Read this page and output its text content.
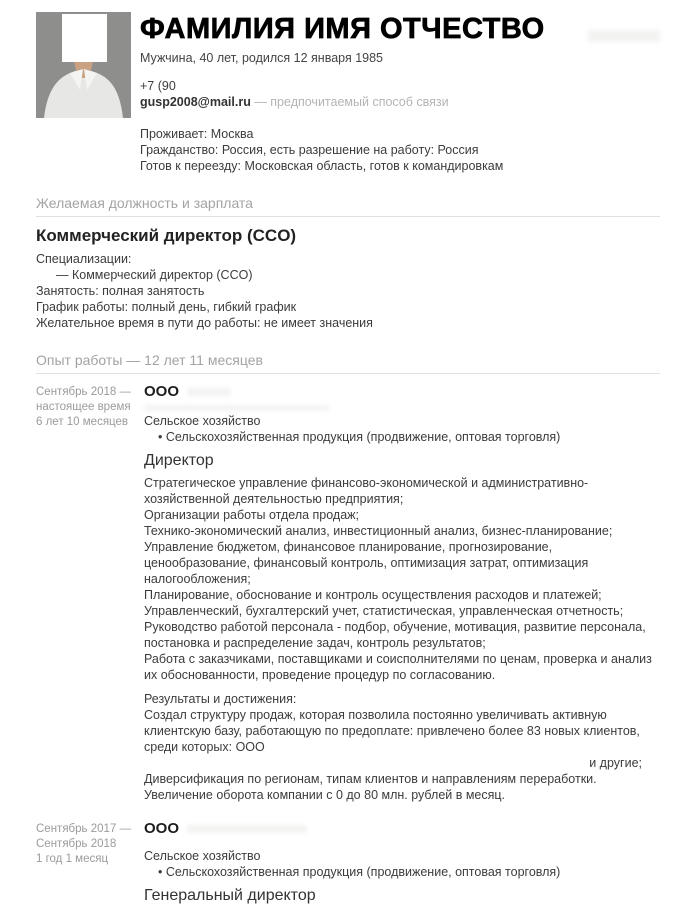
ФАМИЛИЯ ИМЯ ОТЧЕСТВО
Мужчина, 40 лет, родился 12 января 1985
+7 (90
gusp2008@mail.ru — предпочитаемый способ связи
Проживает: Москва
Гражданство: Россия, есть разрешение на работу: Россия
Готов к переезду: Московская область, готов к командировкам
Желаемая должность и зарплата
Коммерческий директор (CCO)
Специализации:
— Коммерческий директор (CCO)
Занятость: полная занятость
График работы: полный день, гибкий график
Желательное время в пути до работы: не имеет значения
Опыт работы — 12 лет 11 месяцев
Сентябрь 2018 —
настоящее время
6 лет 10 месяцев
ООО
Сельское хозяйство
• Сельскохозяйственная продукция (продвижение, оптовая торговля)
Директор
Стратегическое управление финансово-экономической и административно-хозяйственной деятельностью предприятия;
Организации работы отдела продаж;
Технико-экономический анализ, инвестиционный анализ, бизнес-планирование;
Управление бюджетом, финансовое планирование, прогнозирование, ценообразование, финансовый контроль, оптимизация затрат, оптимизация налогообложения;
Планирование, обоснование и контроль осуществления расходов и платежей;
Управленческий, бухгалтерский учет, статистическая, управленческая отчетность;
Руководство работой персонала - подбор, обучение, мотивация, развитие персонала, постановка и распределение задач, контроль результатов;
Работа с заказчиками, поставщиками и соисполнителями по ценам, проверка и анализ их обоснованности, проведение процедур по согласованию.
Результаты и достижения:
Создал структуру продаж, которая позволила постоянно увеличивать активную клиентскую базу, работающую по предоплате: привлечено более 83 новых клиентов, среди которых: ООО
и другие;
Диверсификация по регионам, типам клиентов и направлениям переработки.
Увеличение оборота компании с 0 до 80 млн. рублей в месяц.
Сентябрь 2017 —
Сентябрь 2018
1 год 1 месяц
ООО
Сельское хозяйство
• Сельскохозяйственная продукция (продвижение, оптовая торговля)
Генеральный директор
